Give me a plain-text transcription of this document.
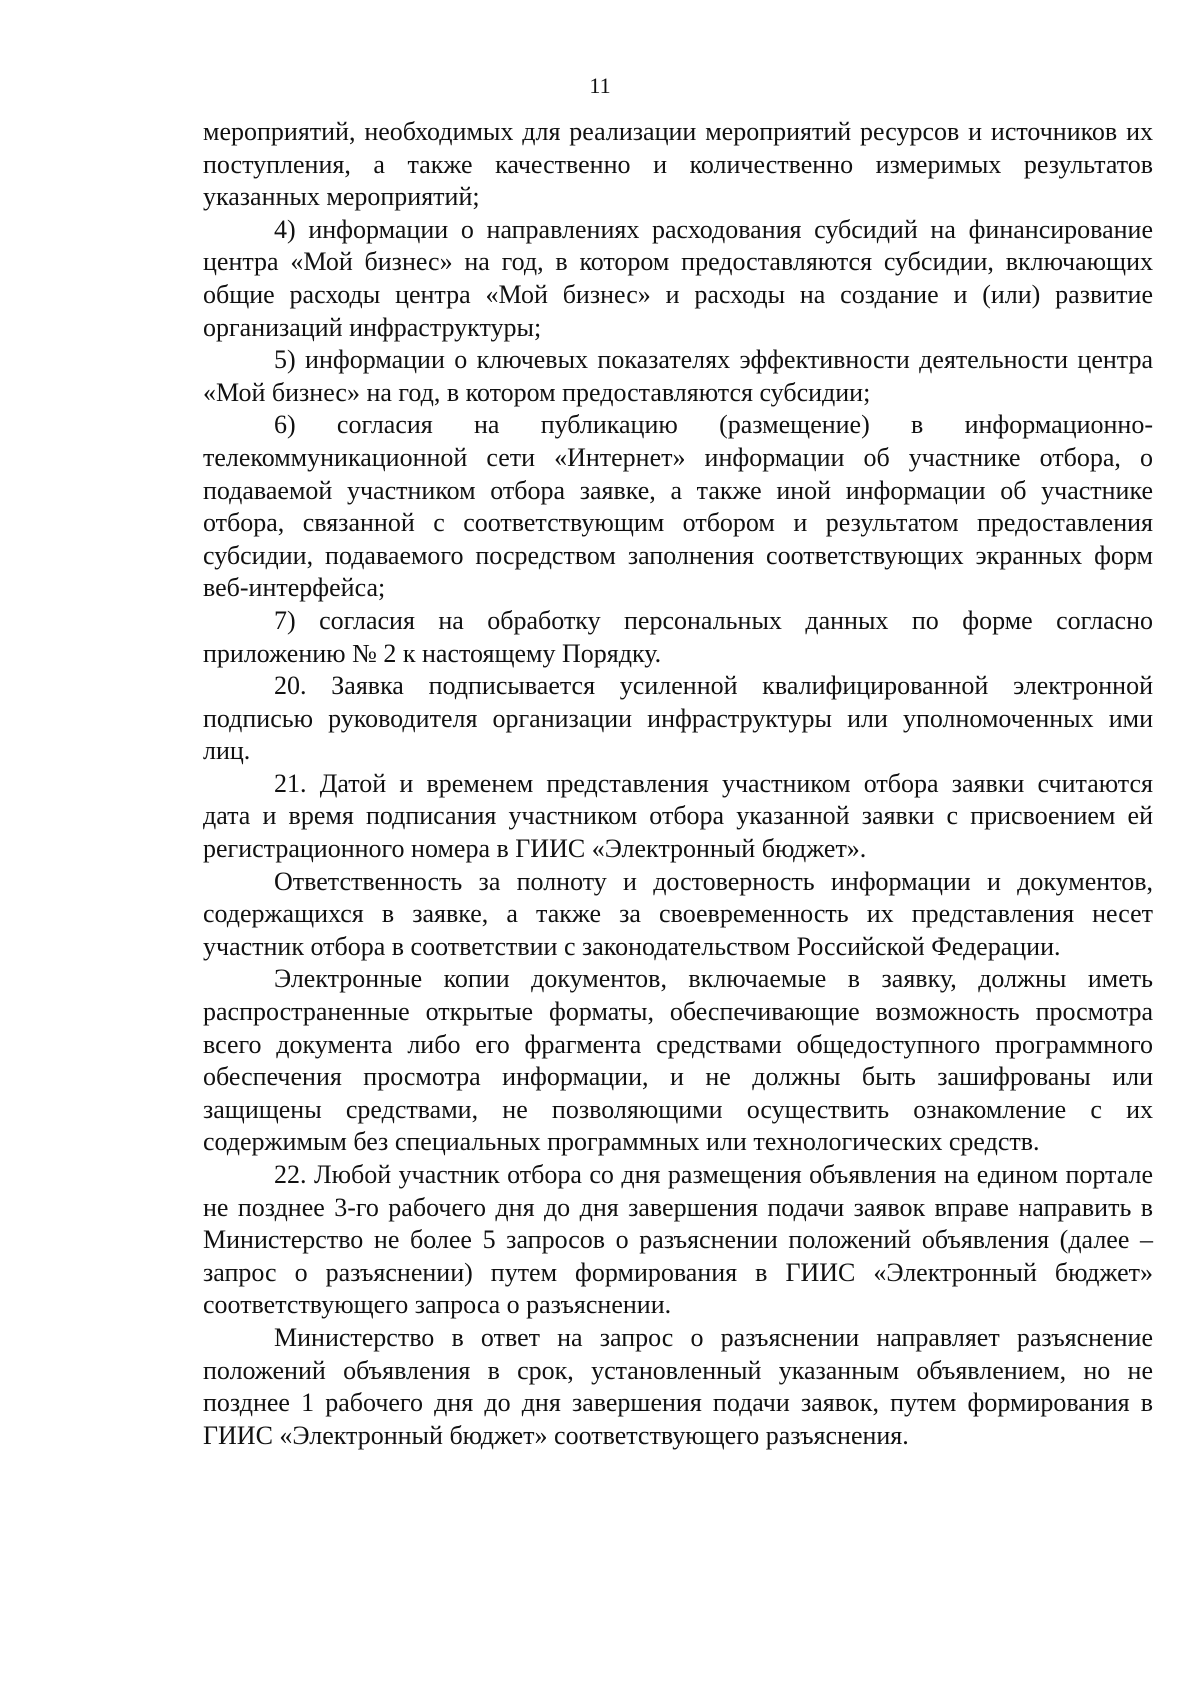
11

мероприятий, необходимых для реализации мероприятий ресурсов и источников их поступления, а также качественно и количественно измеримых результатов указанных мероприятий;

4) информации о направлениях расходования субсидий на финансирование центра «Мой бизнес» на год, в котором предоставляются субсидии, включающих общие расходы центра «Мой бизнес» и расходы на создание и (или) развитие организаций инфраструктуры;

5) информации о ключевых показателях эффективности деятельности центра «Мой бизнес» на год, в котором предоставляются субсидии;

6) согласия на публикацию (размещение) в информационно-телекоммуникационной сети «Интернет» информации об участнике отбора, о подаваемой участником отбора заявке, а также иной информации об участнике отбора, связанной с соответствующим отбором и результатом предоставления субсидии, подаваемого посредством заполнения соответствующих экранных форм веб-интерфейса;

7) согласия на обработку персональных данных по форме согласно приложению № 2 к настоящему Порядку.

20. Заявка подписывается усиленной квалифицированной электронной подписью руководителя организации инфраструктуры или уполномоченных ими лиц.

21. Датой и временем представления участником отбора заявки считаются дата и время подписания участником отбора указанной заявки с присвоением ей регистрационного номера в ГИИС «Электронный бюджет».

Ответственность за полноту и достоверность информации и документов, содержащихся в заявке, а также за своевременность их представления несет участник отбора в соответствии с законодательством Российской Федерации.

Электронные копии документов, включаемые в заявку, должны иметь распространенные открытые форматы, обеспечивающие возможность просмотра всего документа либо его фрагмента средствами общедоступного программного обеспечения просмотра информации, и не должны быть зашифрованы или защищены средствами, не позволяющими осуществить ознакомление с их содержимым без специальных программных или технологических средств.

22. Любой участник отбора со дня размещения объявления на едином портале не позднее 3-го рабочего дня до дня завершения подачи заявок вправе направить в Министерство не более 5 запросов о разъяснении положений объявления (далее – запрос о разъяснении) путем формирования в ГИИС «Электронный бюджет» соответствующего запроса о разъяснении.

Министерство в ответ на запрос о разъяснении направляет разъяснение положений объявления в срок, установленный указанным объявлением, но не позднее 1 рабочего дня до дня завершения подачи заявок, путем формирования в ГИИС «Электронный бюджет» соответствующего разъяснения.
